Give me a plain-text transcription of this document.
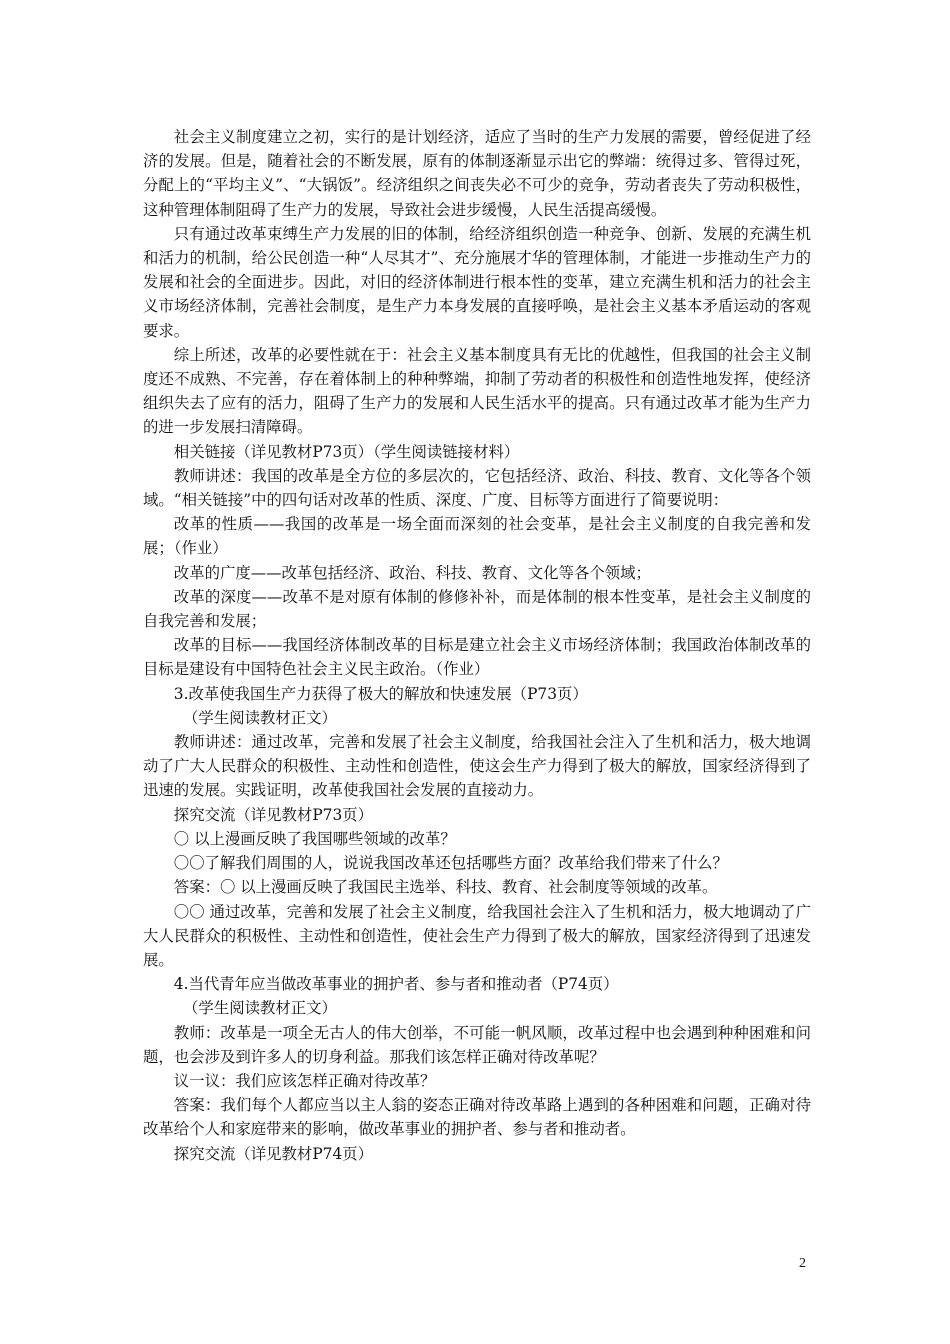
社会主义制度建立之初，实行的是计划经济，适应了当时的生产力发展的需要，曾经促进了经济的发展。但是，随着社会的不断发展，原有的体制逐渐显示出它的弊端：统得过多、管得过死，分配上的“平均主义”、“大锅饭”。经济组织之间丧失必不可少的竞争，劳动者丧失了劳动积极性，这种管理体制阻碍了生产力的发展，导致社会进步缓慢，人民生活提高缓慢。

只有通过改革束缚生产力发展的旧的体制，给经济组织创造一种竞争、创新、发展的充满生机和活力的机制，给公民创造一种“人尽其才”、充分施展才华的管理体制，才能进一步推动生产力的发展和社会的全面进步。因此，对旧的经济体制进行根本性的变革，建立充满生机和活力的社会主义市场经济体制，完善社会制度，是生产力本身发展的直接呼唤，是社会主义基本矛盾运动的客观要求。

综上所述，改革的必要性就在于：社会主义基本制度具有无比的优越性，但我国的社会主义制度还不成熟、不完善，存在着体制上的种种弊端，抑制了劳动者的积极性和创造性地发挥，使经济组织失去了应有的活力，阻碍了生产力的发展和人民生活水平的提高。只有通过改革才能为生产力的进一步发展扫清障碍。

相关链接（详见教材P73页）（学生阅读链接材料）

教师讲述：我国的改革是全方位的多层次的，它包括经济、政治、科技、教育、文化等各个领域。“相关链接”中的四句话对改革的性质、深度、广度、目标等方面进行了简要说明：

改革的性质——我国的改革是一场全面而深刻的社会变革，是社会主义制度的自我完善和发展；（作业）

改革的广度——改革包括经济、政治、科技、教育、文化等各个领域；

改革的深度——改革不是对原有体制的修修补补，而是体制的根本性变革，是社会主义制度的自我完善和发展；

改革的目标——我国经济体制改革的目标是建立社会主义市场经济体制；我国政治体制改革的目标是建设有中国特色社会主义民主政治。（作业）

3.改革使我国生产力获得了极大的解放和快速发展（P73页）

（学生阅读教材正文）

教师讲述：通过改革，完善和发展了社会主义制度，给我国社会注入了生机和活力，极大地调动了广大人民群众的积极性、主动性和创造性，使这会生产力得到了极大的解放，国家经济得到了迅速的发展。实践证明，改革使我国社会发展的直接动力。

探究交流（详见教材P73页）

〇 以上漫画反映了我国哪些领域的改革？

〇〇了解我们周围的人，说说我国改革还包括哪些方面？改革给我们带来了什么？

答案：〇 以上漫画反映了我国民主选举、科技、教育、社会制度等领域的改革。

〇〇 通过改革，完善和发展了社会主义制度，给我国社会注入了生机和活力，极大地调动了广大人民群众的积极性、主动性和创造性，使社会生产力得到了极大的解放，国家经济得到了迅速发展。

4.当代青年应当做改革事业的拥护者、参与者和推动者（P74页）

（学生阅读教材正文）

教师：改革是一项全无古人的伟大创举，不可能一帆风顺，改革过程中也会遇到种种困难和问题，也会涉及到许多人的切身利益。那我们该怎样正确对待改革呢？

议一议：我们应该怎样正确对待改革？

答案：我们每个人都应当以主人翁的姿态正确对待改革路上遇到的各种困难和问题，正确对待改革给个人和家庭带来的影响，做改革事业的拥护者、参与者和推动者。

探究交流（详见教材P74页）

2
